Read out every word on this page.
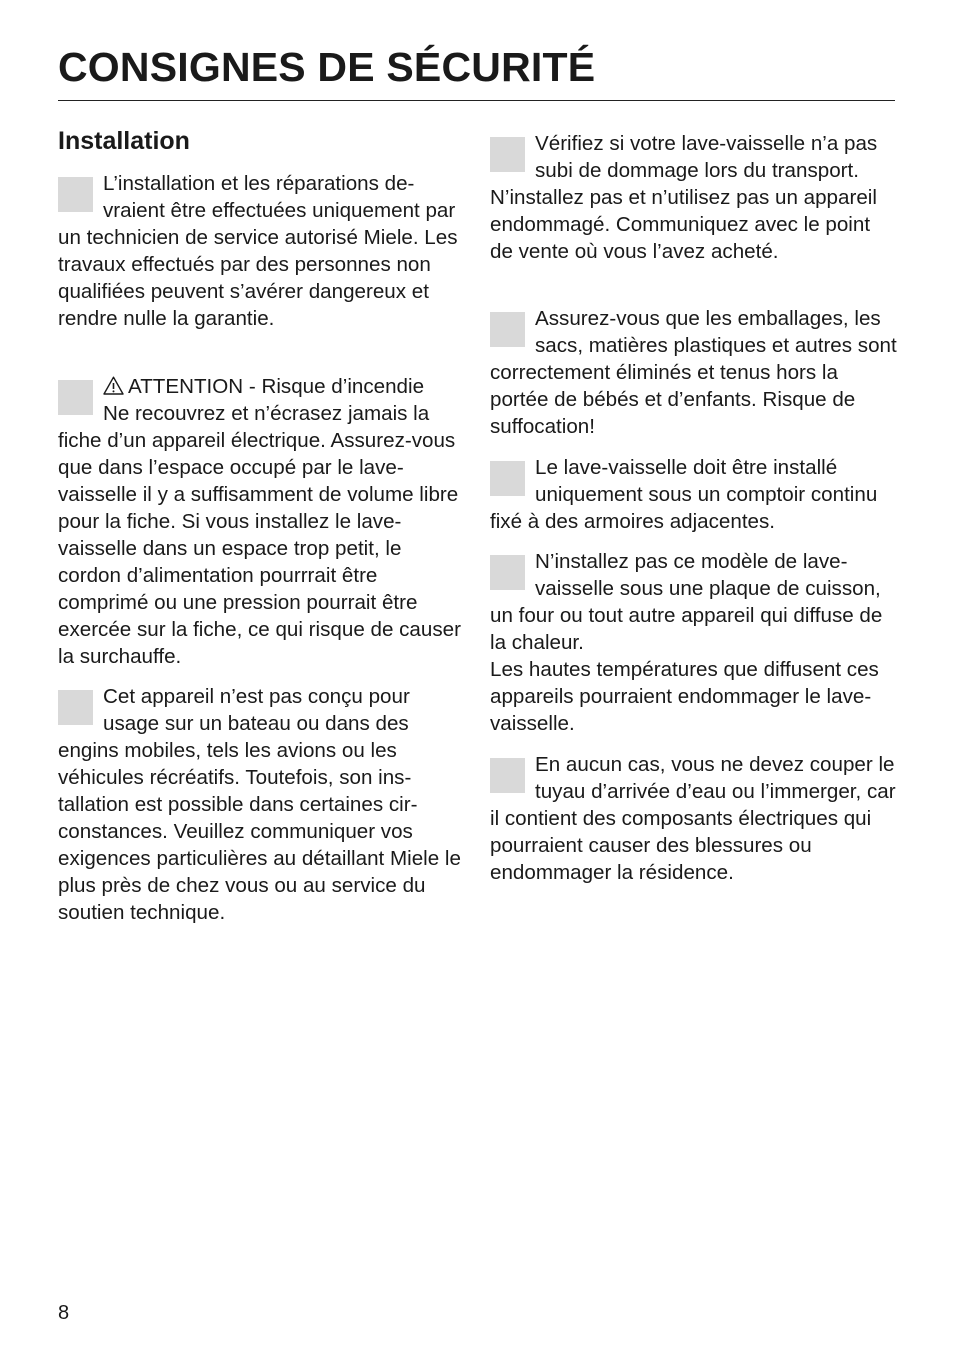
CONSIGNES DE SÉCURITÉ
Installation
L’installation et les réparations devraient être effectuées uniquement par un technicien de service autorisé Miele. Les travaux effectués par des personnes non qualifiées peuvent s’avérer dangereux et rendre nulle la garantie.
ATTENTION - Risque d’incendie
Ne recouvrez et n’écrasez jamais la fiche d’un appareil électrique. Assurez-vous que dans l’espace occupé par le lave-vaisselle il y a suffisamment de volume libre pour la fiche. Si vous installez le lave-vaisselle dans un espace trop petit, le cordon d’alimentation pourrrait être comprimé ou une pression pourrait être exercée sur la fiche, ce qui risque de causer la surchauffe.
Cet appareil n’est pas conçu pour usage sur un bateau ou dans des engins mobiles, tels les avions ou les véhicules récréatifs. Toutefois, son installation est possible dans certaines circonstances. Veuillez communiquer vos exigences particulières au détaillant Miele le plus près de chez vous ou au service du soutien technique.
Vérifiez si votre lave-vaisselle n’a pas subi de dommage lors du transport. N’installez pas et n’utilisez pas un appareil endommagé. Communiquez avec le point de vente où vous l’avez acheté.
Assurez-vous que les emballages, les sacs, matières plastiques et autres sont correctement éliminés et tenus hors la portée de bébés et d’enfants. Risque de suffocation!
Le lave-vaisselle doit être installé uniquement sous un comptoir continu fixé à des armoires adjacentes.
N’installez pas ce modèle de lave-vaisselle sous une plaque de cuisson, un four ou tout autre appareil qui diffuse de la chaleur.
Les hautes températures que diffusent ces appareils pourraient endommager le lave-vaisselle.
En aucun cas, vous ne devez couper le tuyau d’arrivée d’eau ou l’immerger, car il contient des composants électriques qui pourraient causer des blessures ou endommager la résidence.
8
